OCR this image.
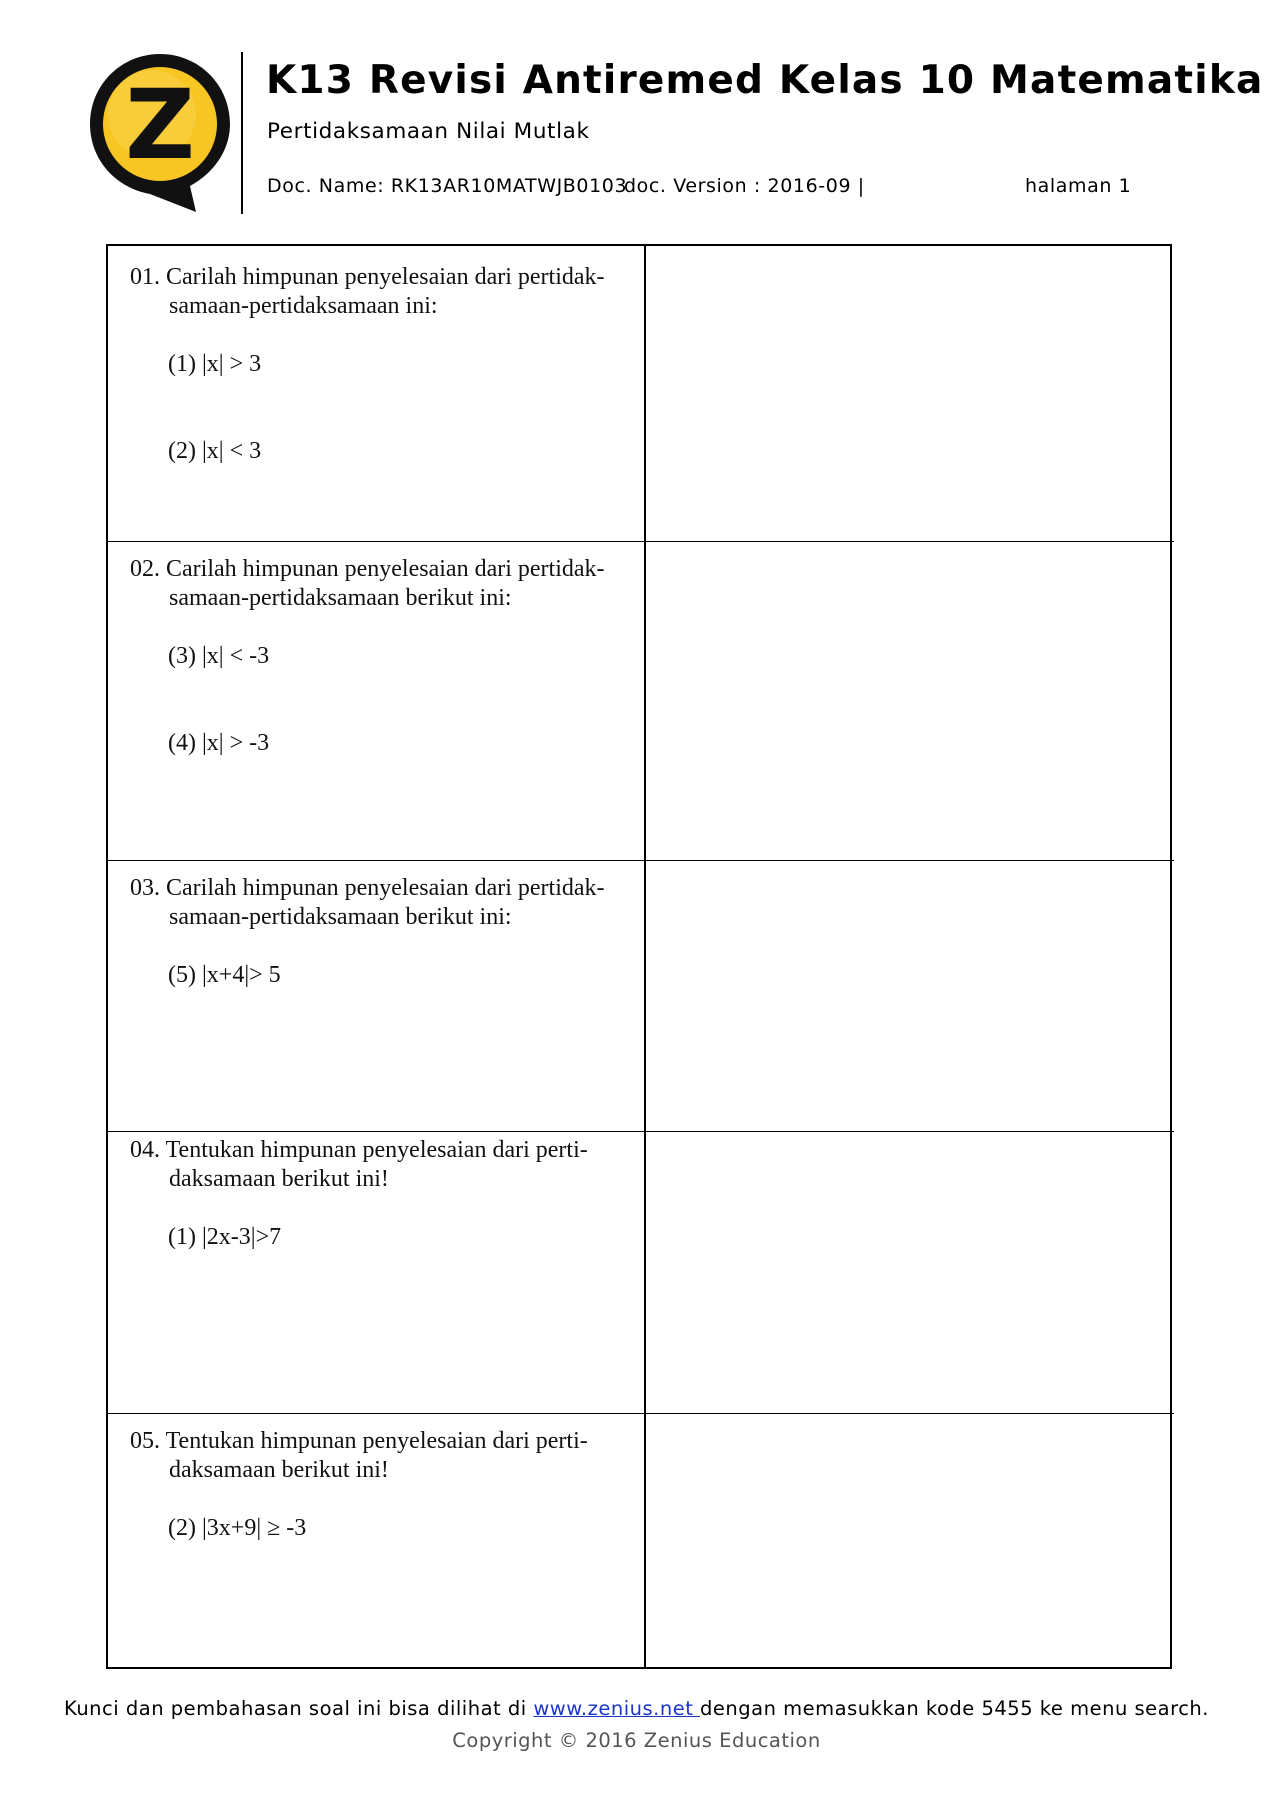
Z K13 Revisi Antiremed Kelas 10 Matematika
Pertidaksamaan Nilai Mutlak
Doc. Name: RK13AR10MATWJB0103
doc. Version : 2016-09 |	halaman 1
01. Carilah himpunan penyelesaian dari pertidak-
samaan-pertidaksamaan ini:
(1) |x| > 3
(2) |x| < 3
02. Carilah himpunan penyelesaian dari pertidak-
samaan-pertidaksamaan berikut ini:
(3) |x| < -3
(4) |x| > -3
03. Carilah himpunan penyelesaian dari pertidak-
samaan-pertidaksamaan berikut ini:
(5) |x+4|> 5
04. Tentukan himpunan penyelesaian dari perti-
daksamaan berikut ini!
(1) |2x-3|>7
05. Tentukan himpunan penyelesaian dari perti-
daksamaan berikut ini!
(2) |3x+9| ≥ -3
Kunci dan pembahasan soal ini bisa dilihat di www.zenius.net dengan memasukkan kode 5455 ke menu search.
Copyright © 2016 Zenius Education
